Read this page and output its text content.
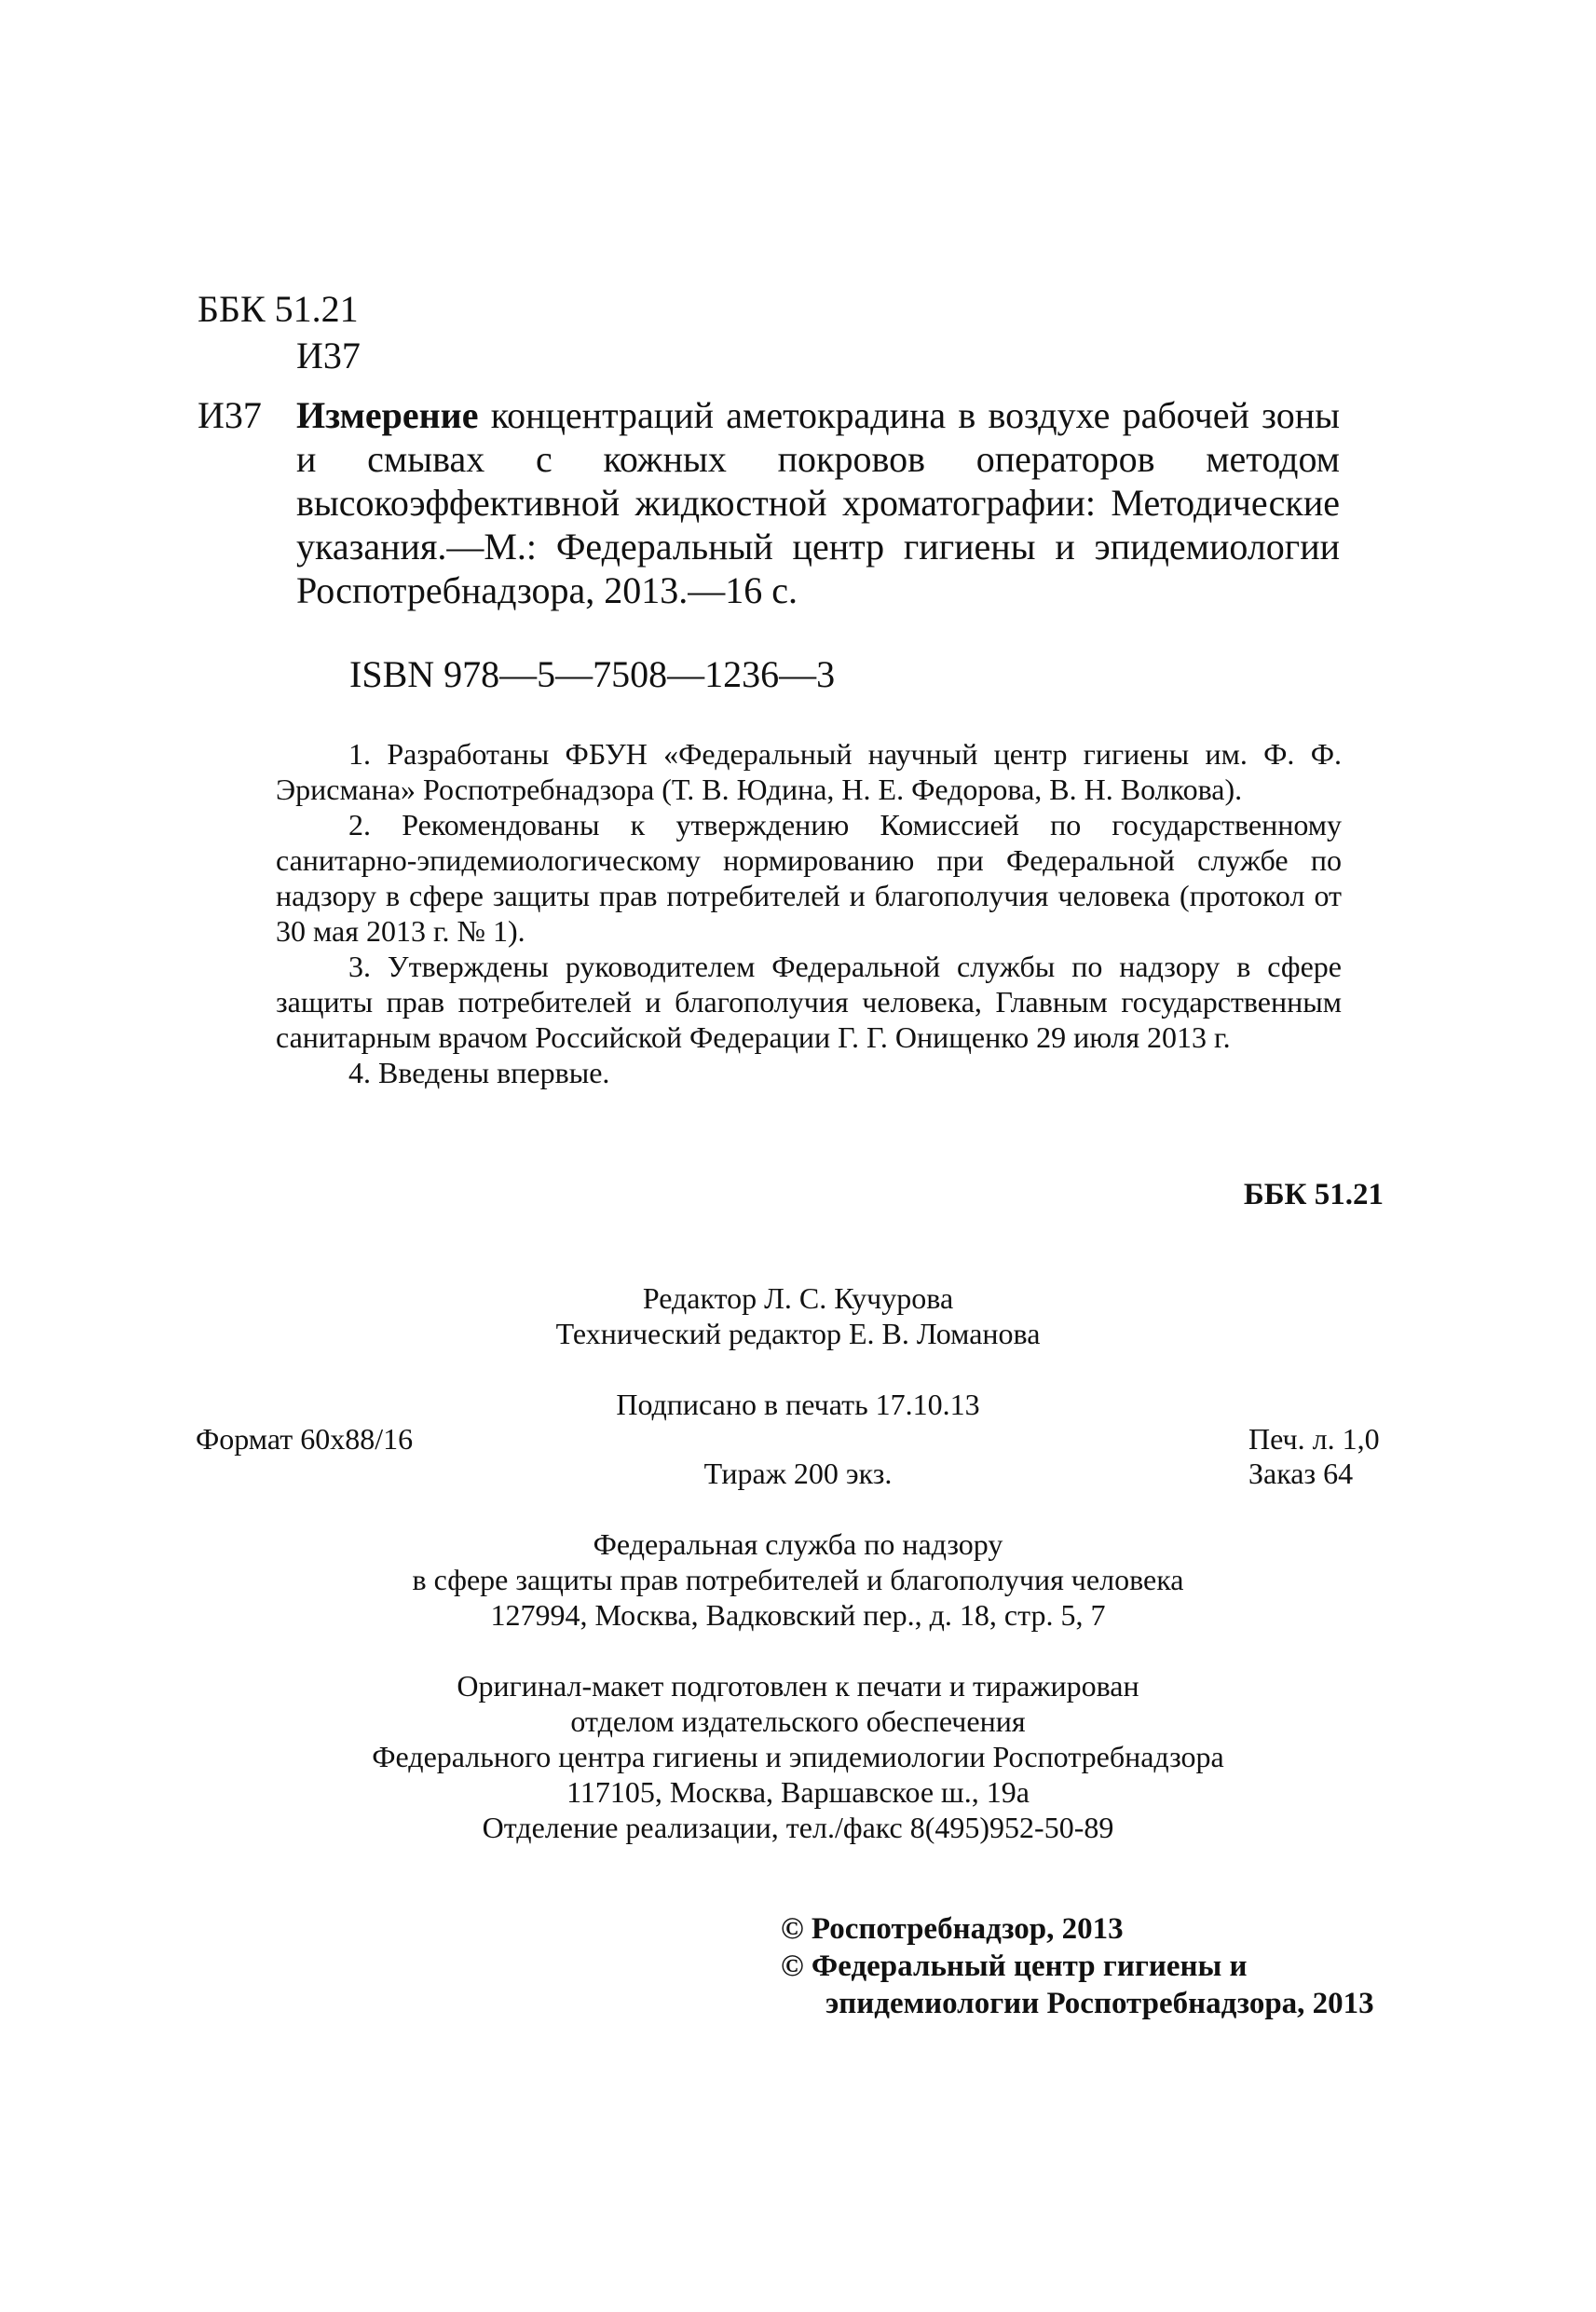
ББК 51.21
И37
И37 Измерение концентраций аметокрадина в воздухе рабочей зоны и смывах с кожных покровов операторов методом высокоэффективной жидкостной хроматографии: Методические указания.—М.: Федеральный центр гигиены и эпидемиологии Роспотребнадзора, 2013.—16 с.

ISBN 978—5—7508—1236—3

1. Разработаны ФБУН «Федеральный научный центр гигиены им. Ф. Ф. Эрисмана» Роспотребнадзора (Т. В. Юдина, Н. Е. Федорова, В. Н. Волкова).

2. Рекомендованы к утверждению Комиссией по государственному санитарно-эпидемиологическому нормированию при Федеральной службе по надзору в сфере защиты прав потребителей и благополучия человека (протокол от 30 мая 2013 г. № 1).

3. Утверждены руководителем Федеральной службы по надзору в сфере защиты прав потребителей и благополучия человека, Главным государственным санитарным врачом Российской Федерации Г. Г. Онищенко 29 июля 2013 г.

4. Введены впервые.

ББК 51.21
Редактор Л. С. Кучурова
Технический редактор Е. В. Ломанова
Подписано в печать 17.10.13
Формат 60x88/16	Печ. л. 1,0
Тираж 200 экз.	Заказ 64
Федеральная служба по надзору
в сфере защиты прав потребителей и благополучия человека
127994, Москва, Вадковский пер., д. 18, стр. 5, 7
Оригинал-макет подготовлен к печати и тиражирован
отделом издательского обеспечения
Федерального центра гигиены и эпидемиологии Роспотребнадзора
117105, Москва, Варшавское ш., 19а
Отделение реализации, тел./факс 8(495)952-50-89
© Роспотребнадзор, 2013
© Федеральный центр гигиены и
эпидемиологии Роспотребнадзора, 2013
